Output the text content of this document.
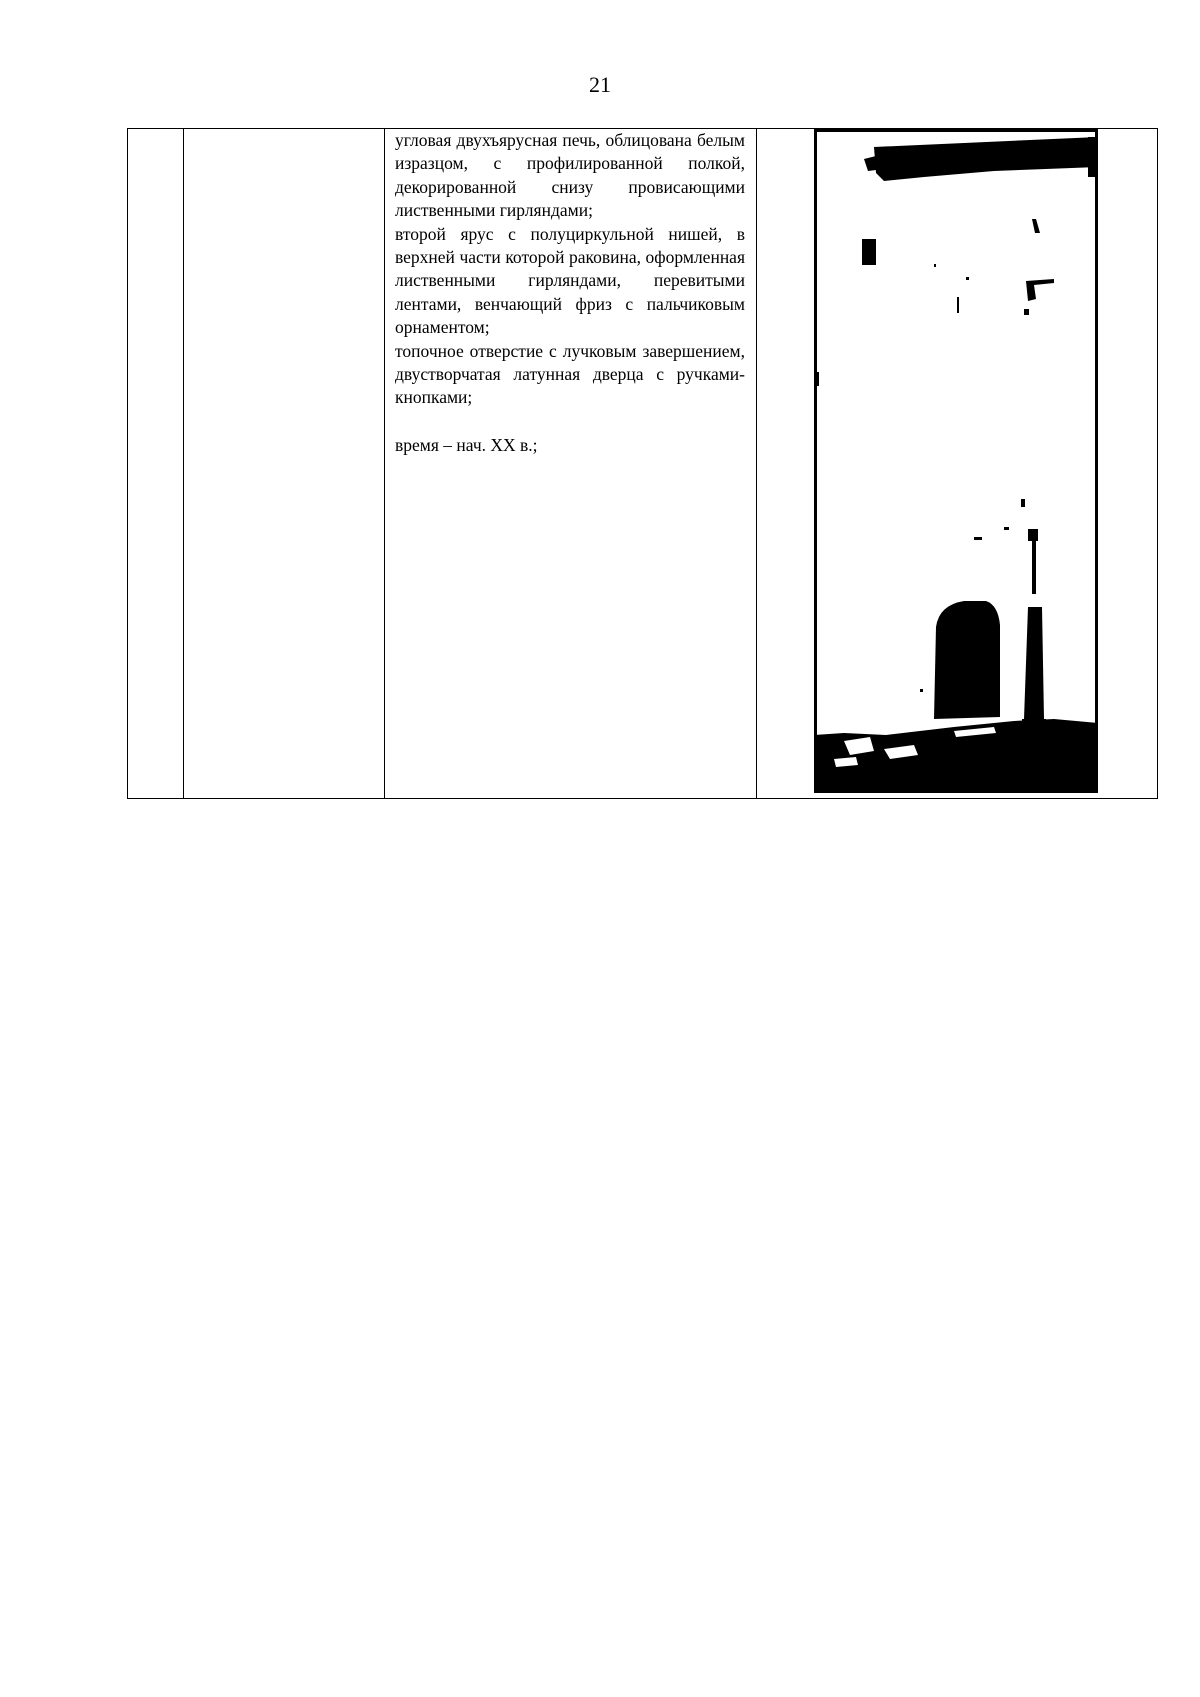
21

угловая двухъярусная печь, облицована белым изразцом, с профилированной полкой, декорированной снизу провисающими лиственными гирляндами;

второй ярус с полуциркульной нишей, в верхней части которой раковина, оформленная лиственными гирляндами, перевитыми лентами, венчающий фриз с пальчиковым орнаментом;

топочное отверстие с лучковым завершением, двустворчатая латунная дверца с ручками-кнопками;

время – нач. XX в.;
